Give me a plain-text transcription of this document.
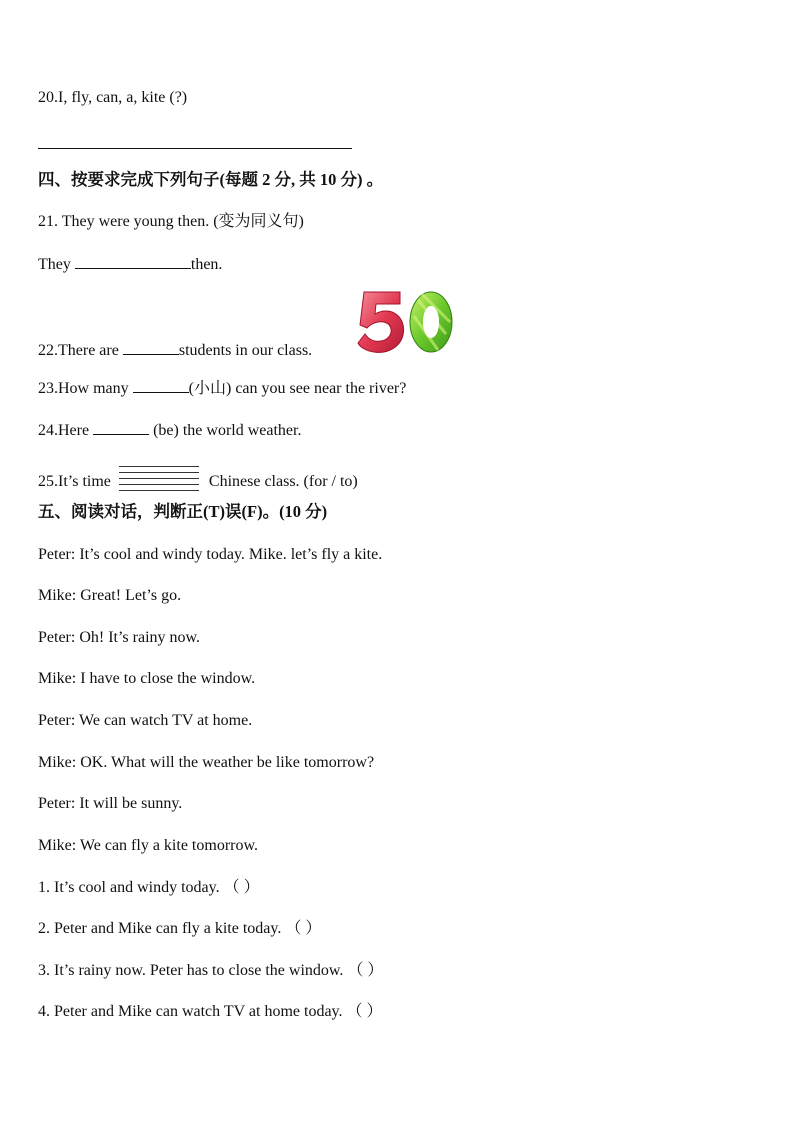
20.I, fly, can, a, kite (?)
四、按要求完成下列句子(每题 2 分, 共 10 分) 。
21. They were young then. (变为同义句)
They	then.
22.There are	students in our class.
23.How many	(小山) can you see near the river?
24.Here	(be) the world weather.
25.It’s time	Chinese class. (for / to)
五、阅读对话，判断正(T)误(F)。(10 分)
Peter: It’s cool and windy today. Mike. let’s fly a kite.
Mike: Great! Let’s go.
Peter: Oh! It’s rainy now.
Mike: I have to close the window.
Peter: We can watch TV at home.
Mike: OK. What will the weather be like tomorrow?
Peter: It will be sunny.
Mike: We can fly a kite tomorrow.
1. It’s cool and windy today. （ ）
2. Peter and Mike can fly a kite today. （ ）
3. It’s rainy now. Peter has to close the window. （ ）
4. Peter and Mike can watch TV at home today. （ ）
